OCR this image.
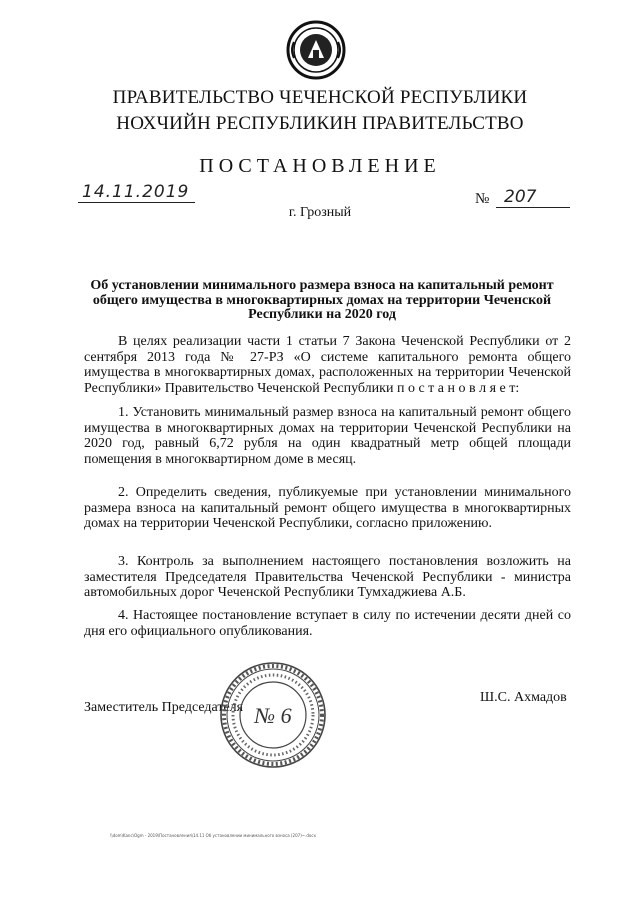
ПРАВИТЕЛЬСТВО ЧЕЧЕНСКОЙ РЕСПУБЛИКИ
НОХЧИЙН РЕСПУБЛИКИН ПРАВИТЕЛЬСТВО
ПОСТАНОВЛЕНИЕ
14.11.2019	№ 207
г. Грозный
Об установлении минимального размера взноса на капитальный ремонт общего имущества в многоквартирных домах на территории Чеченской Республики на 2020 год
В целях реализации части 1 статьи 7 Закона Чеченской Республики от 2 сентября 2013 года № 27-РЗ «О системе капитального ремонта общего имущества в многоквартирных домах, расположенных на территории Чеченской Республики» Правительство Чеченской Республики п о с т а н о в л я е т:
1. Установить минимальный размер взноса на капитальный ремонт общего имущества в многоквартирных домах на территории Чеченской Республики на 2020 год, равный 6,72 рубля на один квадратный метр общей площади помещения в многоквартирном доме в месяц.
2. Определить сведения, публикуемые при установлении минимального размера взноса на капитальный ремонт общего имущества в многоквартирных домах на территории Чеченской Республики, согласно приложению.
3. Контроль за выполнением настоящего постановления возложить на заместителя Председателя Правительства Чеченской Республики - министра автомобильных дорог Чеченской Республики Тумхаджиева А.Б.
4. Настоящее постановление вступает в силу по истечении десяти дней со дня его официального опубликования.
Заместитель Председателя
Ш.С. Ахмадов
№ 6
\\dom\Kanc\Ogm - 2019\Постановления\14.11 Об установлении минимального взноса (207)~.docx
